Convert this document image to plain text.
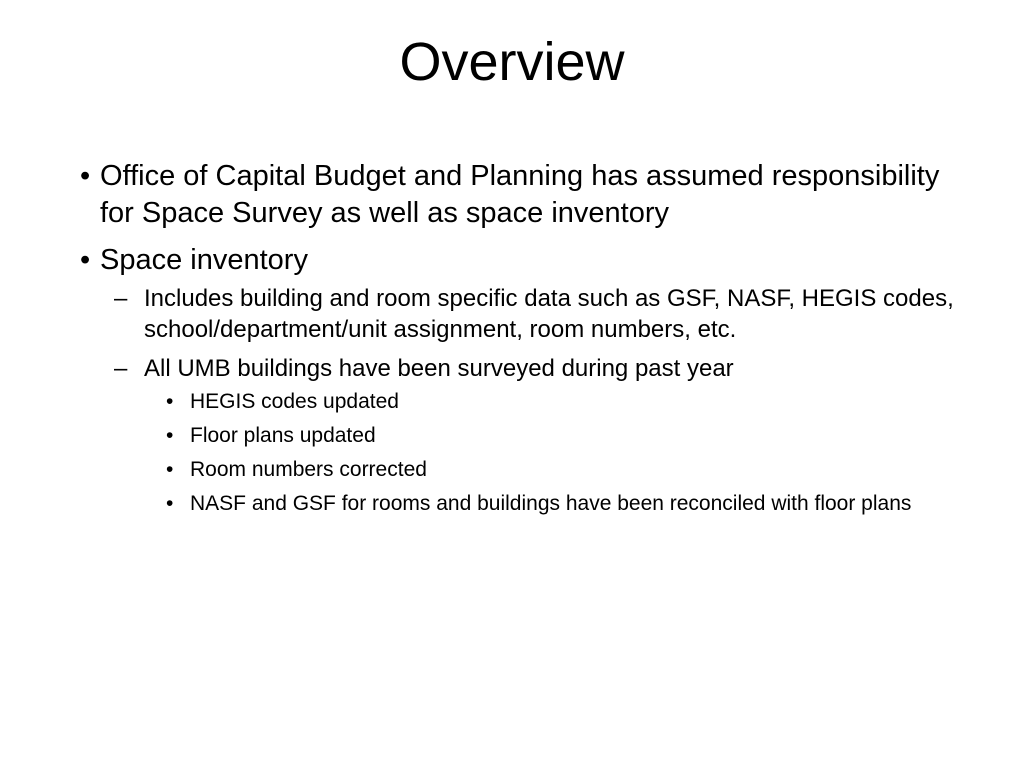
Overview
• Office of Capital Budget and Planning has assumed responsibility for Space Survey as well as space inventory
• Space inventory
– Includes building and room specific data such as GSF, NASF, HEGIS codes, school/department/unit assignment, room numbers, etc.
– All UMB buildings have been surveyed during past year
• HEGIS codes updated
• Floor plans updated
• Room numbers corrected
• NASF and GSF for rooms and buildings have been reconciled with floor plans
